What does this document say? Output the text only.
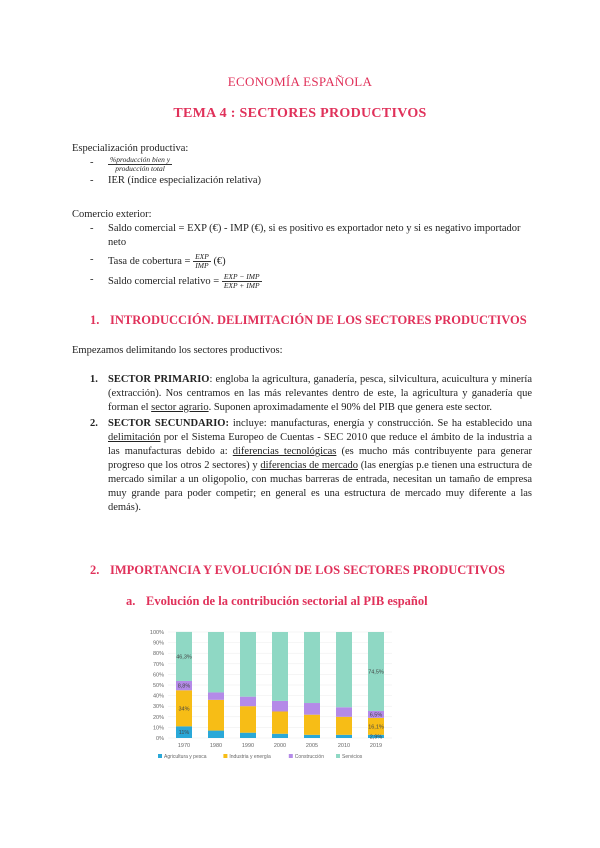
ECONOMÍA ESPAÑOLA
TEMA 4 : SECTORES PRODUCTIVOS
Especialización productiva:
- $\frac{\text{\%producción bien y}}{\text{producción total}}$
- IER (índice especialización relativa)
Comercio exterior:
- Saldo comercial = EXP (€) - IMP (€), si es positivo es exportador neto y si es negativo importador neto
- Tasa de cobertura = $\frac{\text{EXP}}{\text{IMP}}$ (€)
- Saldo comercial relativo = $\frac{\text{EXP − IMP}}{\text{EXP + IMP}}$
1. INTRODUCCIÓN. DELIMITACIÓN DE LOS SECTORES PRODUCTIVOS
Empezamos delimitando los sectores productivos:
1. SECTOR PRIMARIO: engloba la agricultura, ganadería, pesca, silvicultura, acuicultura y minería (extracción). Nos centramos en las más relevantes dentro de este, la agricultura y ganadería que forman el sector agrario. Suponen aproximadamente el 90% del PIB que genera este sector.
2. SECTOR SECUNDARIO: incluye: manufacturas, energía y construcción. Se ha establecido una delimitación por el Sistema Europeo de Cuentas - SEC 2010 que reduce el ámbito de la industria a las manufacturas debido a: diferencias tecnológicas (es mucho más contribuyente para generar progreso que los otros 2 sectores) y diferencias de mercado (las energías p.e tienen una estructura de mercado similar a un oligopolio, con muchas barreras de entrada, necesitan un tamaño de empresa muy grande para poder competir; en general es una estructura de mercado muy diferente a las demás).
2. IMPORTANCIA Y EVOLUCIÓN DE LOS SECTORES PRODUCTIVOS
a. Evolución de la contribución sectorial al PIB español
0%
10%
20%
30%
40%
50%
60%
70%
80%
90%
100%
1970	1980	1990	2000	2005	2010	2019
11%
34%
8,8%
46,3%
74,5%
6,5%
16,1%
2,9%
Agricultura y pesca	Industria y energía	Construcción	Servicios
